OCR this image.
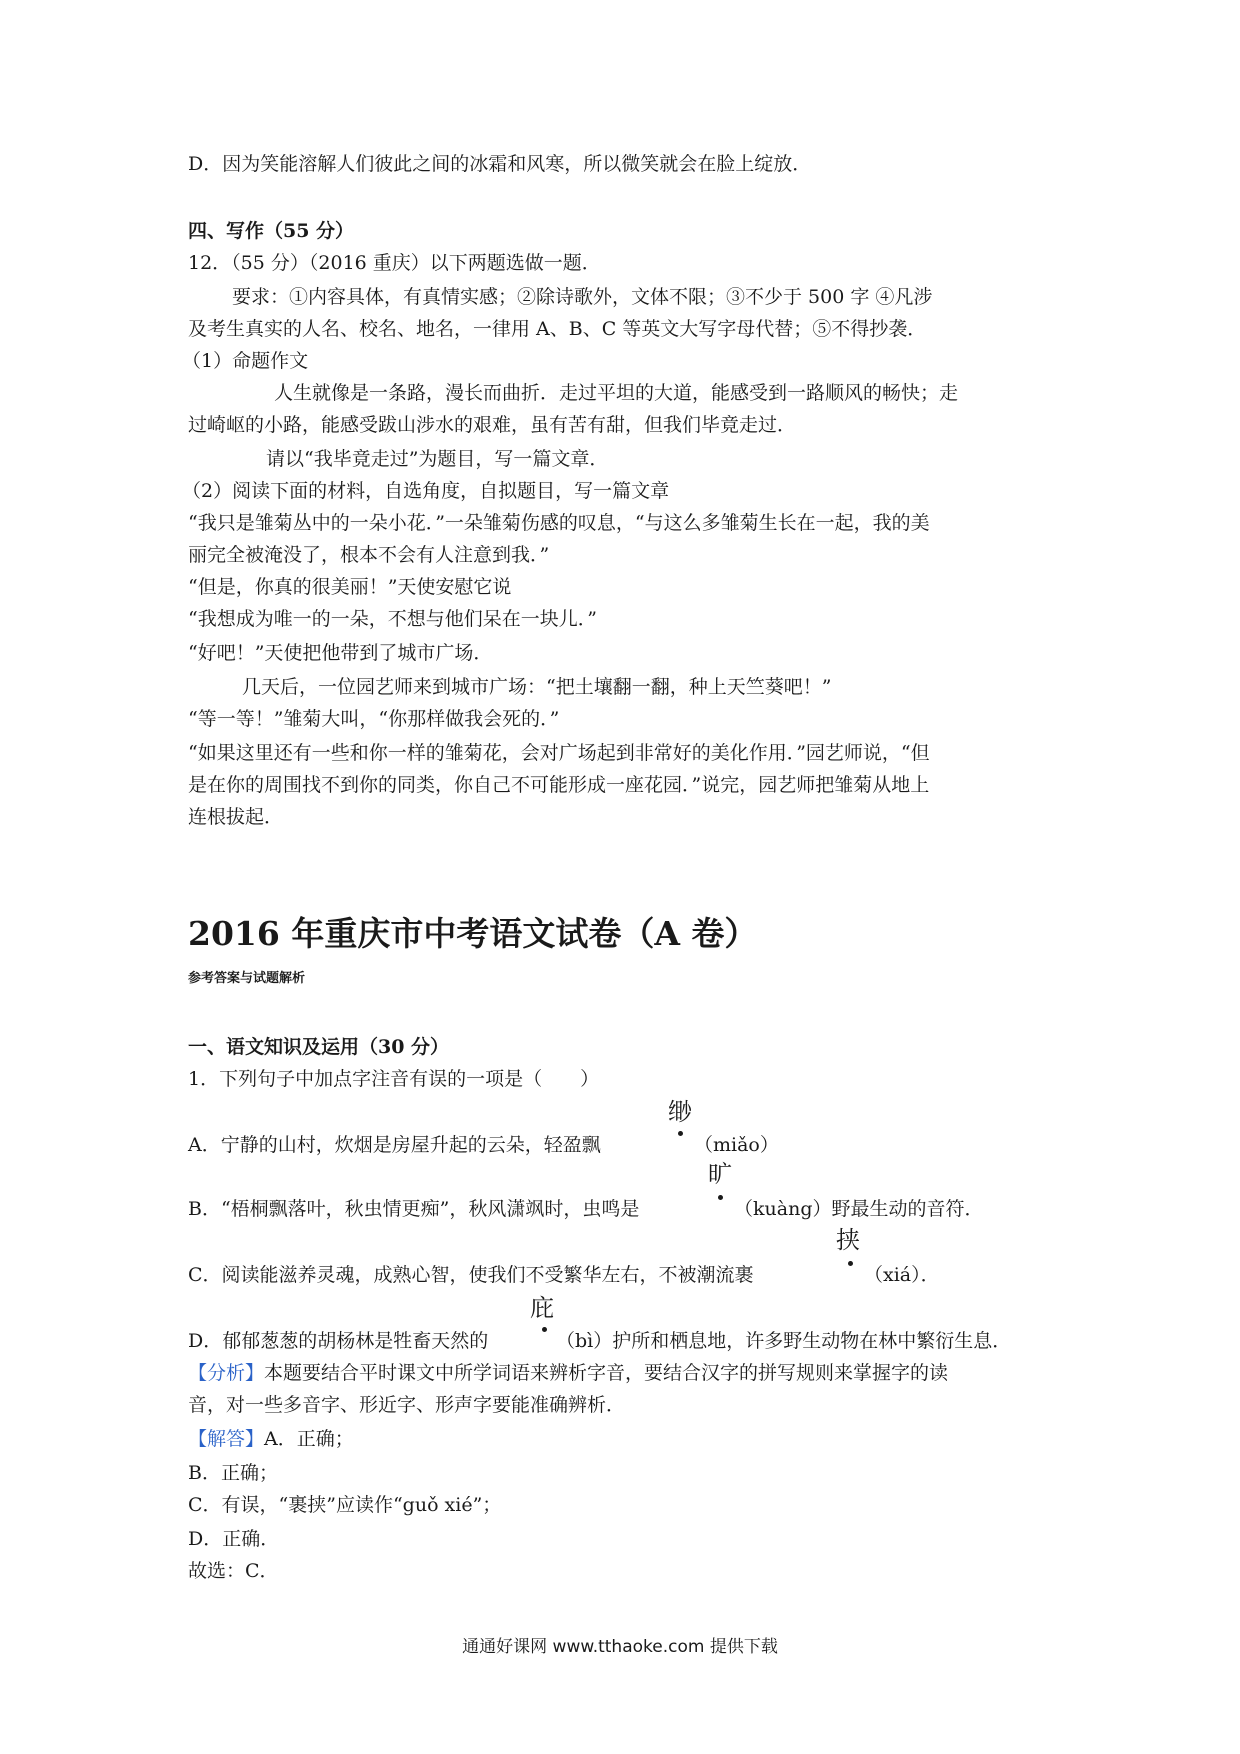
D．因为笑能溶解人们彼此之间的冰霜和风寒，所以微笑就会在脸上绽放．
四、写作（55 分）
12．（55 分）（2016 重庆）以下两题选做一题．
要求：①内容具体，有真情实感；②除诗歌外，文体不限；③不少于 500 字 ④凡涉
及考生真实的人名、校名、地名，一律用 A、B、C 等英文大写字母代替；⑤不得抄袭．
（1）命题作文
人生就像是一条路，漫长而曲折．走过平坦的大道，能感受到一路顺风的畅快；走
过崎岖的小路，能感受跋山涉水的艰难，虽有苦有甜，但我们毕竟走过．
请以“我毕竟走过”为题目，写一篇文章．
（2）阅读下面的材料，自选角度，自拟题目，写一篇文章
“我只是雏菊丛中的一朵小花．”一朵雏菊伤感的叹息，“与这么多雏菊生长在一起，我的美
丽完全被淹没了，根本不会有人注意到我．”
“但是，你真的很美丽！”天使安慰它说
“我想成为唯一的一朵，不想与他们呆在一块儿．”
“好吧！”天使把他带到了城市广场．
几天后，一位园艺师来到城市广场：“把土壤翻一翻，种上天竺葵吧！”
“等一等！”雏菊大叫，“你那样做我会死的．”
“如果这里还有一些和你一样的雏菊花，会对广场起到非常好的美化作用．”园艺师说，“但
是在你的周围找不到你的同类，你自己不可能形成一座花园．”说完，园艺师把雏菊从地上
连根拔起．
2016 年重庆市中考语文试卷（A 卷）
参考答案与试题解析
一、语文知识及运用（30 分）
1．下列句子中加点字注音有误的一项是（　　）
缈
A．宁静的山村，炊烟是房屋升起的云朵，轻盈飘	（miǎo）
旷
B．“梧桐飘落叶，秋虫情更痴”，秋风潇飒时，虫鸣是	（kuàng）野最生动的音符．
挟
C．阅读能滋养灵魂，成熟心智，使我们不受繁华左右，不被潮流裹	（xiá）．
庇
D．郁郁葱葱的胡杨林是牲畜天然的	（bì）护所和栖息地，许多野生动物在林中繁衍生息．
【分析】本题要结合平时课文中所学词语来辨析字音，要结合汉字的拼写规则来掌握字的读
音，对一些多音字、形近字、形声字要能准确辨析．
【解答】A．正确；
B．正确；
C．有误，“裹挟”应读作“guǒ xié”；
D．正确．
故选：C．
通通好课网 www.tthaoke.com 提供下载
